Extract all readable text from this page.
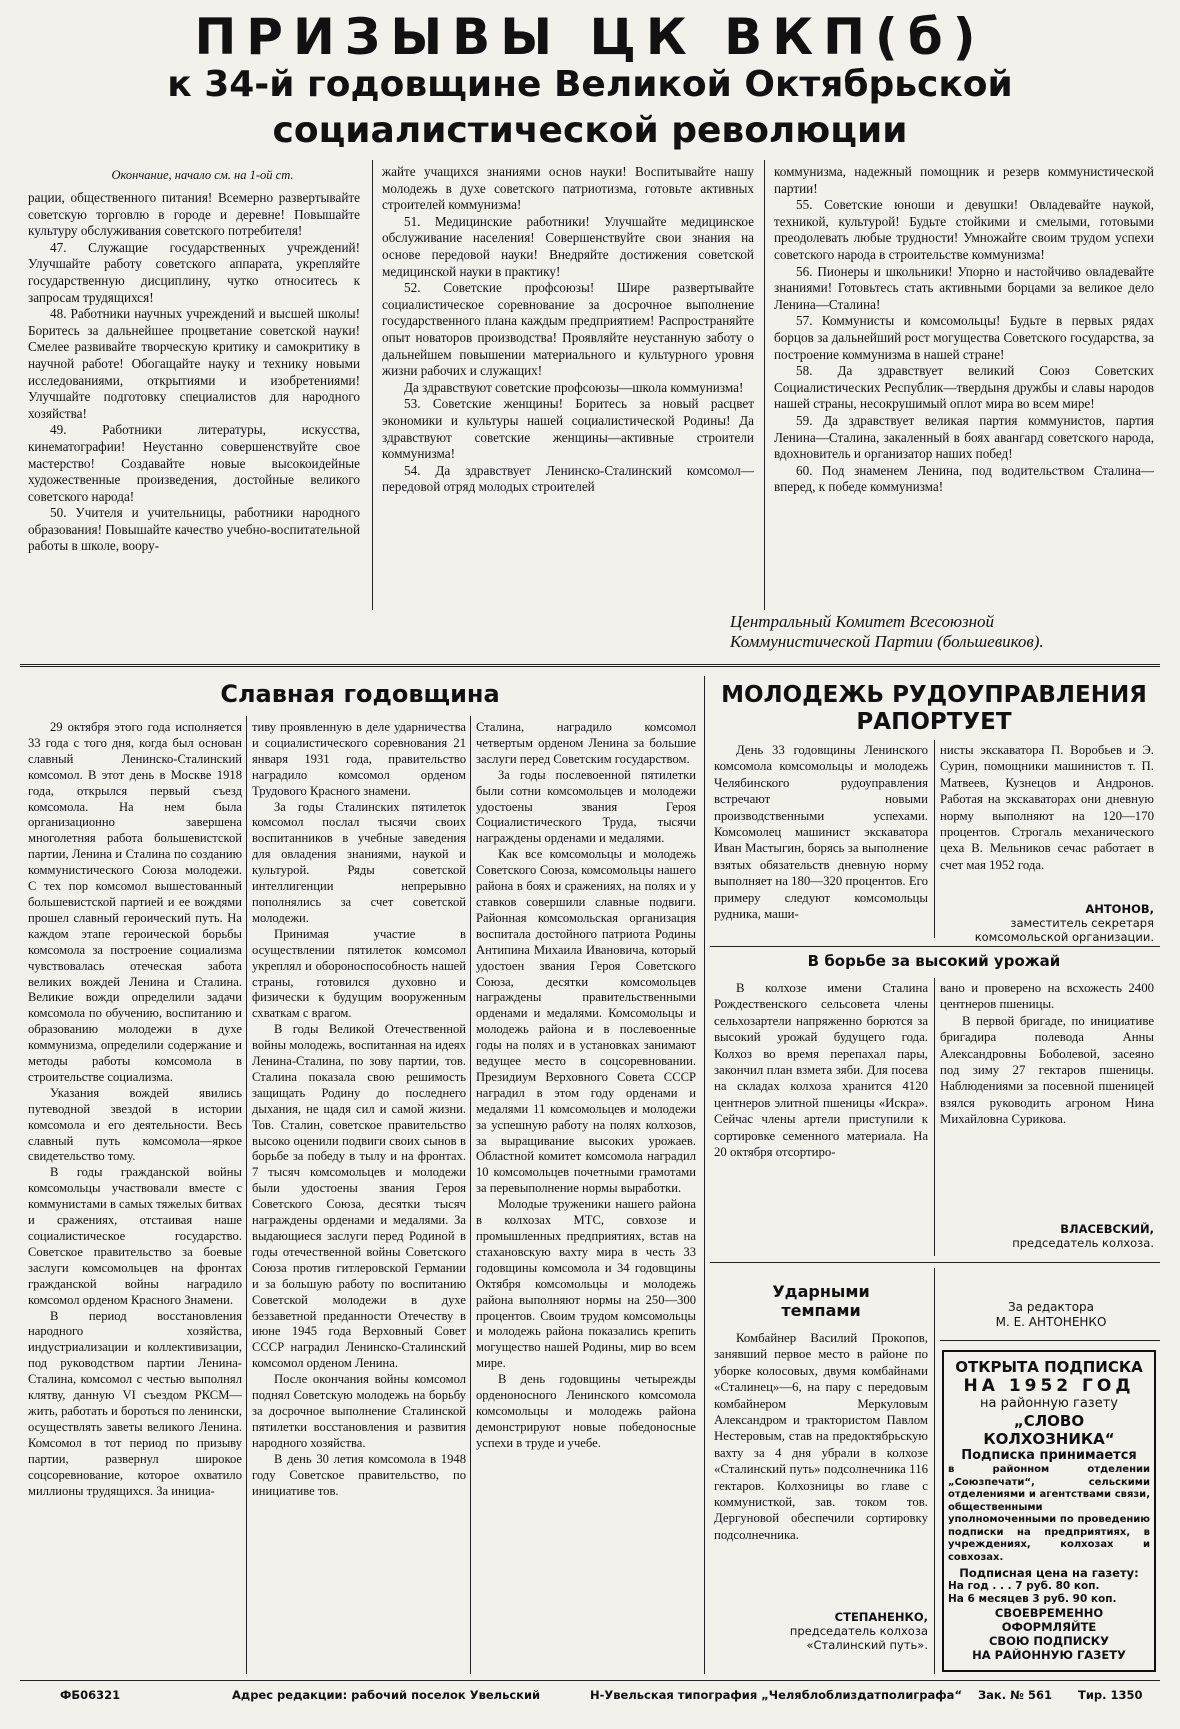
ПРИЗЫВЫ ЦК ВКП(б)
к 34-й годовщине Великой Октябрьской
социалистической революции
Окончание, начало см. на 1-ой ст.

рации, общественного питания! Всемерно развертывайте советскую торговлю в городе и деревне! Повышайте культуру обслуживания советского потребителя!

47. Служащие государственных учреждений! Улучшайте работу советского аппарата, укрепляйте государственную дисциплину, чутко относитесь к запросам трудящихся!

48. Работники научных учреждений и высшей школы! Боритесь за дальнейшее процветание советской науки! Смелее развивайте творческую критику и самокритику в научной работе! Обогащайте науку и технику новыми исследованиями, открытиями и изобретениями! Улучшайте подготовку специалистов для народного хозяйства!

49. Работники литературы, искусства, кинематографии! Неустанно совершенствуйте свое мастерство! Создавайте новые высокоидейные художественные произведения, достойные великого советского народа!

50. Учителя и учительницы, работники народного образования! Повышайте качество учебно-воспитательной работы в школе, воору-

жайте учащихся знаниями основ науки! Воспитывайте нашу молодежь в духе советского патриотизма, готовьте активных строителей коммунизма!

51. Медицинские работники! Улучшайте медицинское обслуживание населения! Совершенствуйте свои знания на основе передовой науки! Внедряйте достижения советской медицинской науки в практику!

52. Советские профсоюзы! Шире развертывайте социалистическое соревнование за досрочное выполнение государственного плана каждым предприятием! Распространяйте опыт новаторов производства! Проявляйте неустанную заботу о дальнейшем повышении материального и культурного уровня жизни рабочих и служащих!

Да здравствуют советские профсоюзы—школа коммунизма!

53. Советские женщины! Боритесь за новый расцвет экономики и культуры нашей социалистической Родины! Да здравствуют советские женщины—активные строители коммунизма!

54. Да здравствует Ленинско-Сталинский комсомол—передовой отряд молодых строителей

коммунизма, надежный помощник и резерв коммунистической партии!

55. Советские юноши и девушки! Овладевайте наукой, техникой, культурой! Будьте стойкими и смелыми, готовыми преодолевать любые трудности! Умножайте своим трудом успехи советского народа в строительстве коммунизма!

56. Пионеры и школьники! Упорно и настойчиво овладевайте знаниями! Готовьтесь стать активными борцами за великое дело Ленина—Сталина!

57. Коммунисты и комсомольцы! Будьте в первых рядах борцов за дальнейший рост могущества Советского государства, за построение коммунизма в нашей стране!

58. Да здравствует великий Союз Советских Социалистических Республик—твердыня дружбы и славы народов нашей страны, несокрушимый оплот мира во всем мире!

59. Да здравствует великая партия коммунистов, партия Ленина—Сталина, закаленный в боях авангард советского народа, вдохновитель и организатор наших побед!

60. Под знаменем Ленина, под водительством Сталина—вперед, к победе коммунизма!

Центральный Комитет Всесоюзной
Коммунистической Партии (большевиков).
Славная годовщина

29 октября этого года исполняется 33 года с того дня, когда был основан славный Ленинско-Сталинский комсомол. В этот день в Москве 1918 года, открылся первый съезд комсомола. На нем была организационно завершена многолетняя работа большевистской партии, Ленина и Сталина по созданию коммунистического Союза молодежи. С тех пор комсомол вышестованный большевистской партией и ее вождями прошел славный героический путь. На каждом этапе героической борьбы комсомола за построение социализма чувствовалась отеческая забота великих вождей Ленина и Сталина. Великие вожди определили задачи комсомола по обучению, воспитанию и образованию молодежи в духе коммунизма, определили содержание и методы работы комсомола в строительстве социализма.

Указания вождей явились путеводной звездой в истории комсомола и его деятельности. Весь славный путь комсомола—яркое свидетельство тому.

В годы гражданской войны комсомольцы участвовали вместе с коммунистами в самых тяжелых битвах и сражениях, отстаивая наше социалистическое государство. Советское правительство за боевые заслуги комсомольцев на фронтах гражданской войны наградило комсомол орденом Красного Знамени.

В период восстановления народного хозяйства, индустриализации и коллективизации, под руководством партии Ленина-Сталина, комсомол с честью выполнял клятву, данную VI съездом РКСМ—жить, работать и бороться по ленински, осуществлять заветы великого Ленина. Комсомол в тот период по призыву партии, развернул широкое соцсоревнование, которое охватило миллионы трудящихся. За инициа-

тиву проявленную в деле ударничества и социалистического соревнования 21 января 1931 года, правительство наградило комсомол орденом Трудового Красного знамени.

За годы Сталинских пятилеток комсомол послал тысячи своих воспитанников в учебные заведения для овладения знаниями, наукой и культурой. Ряды советской интеллигенции непрерывно пополнялись за счет советской молодежи.

Принимая участие в осуществлении пятилеток комсомол укреплял и обороноспособность нашей страны, готовился духовно и физически к будущим вооруженным схваткам с врагом.

В годы Великой Отечественной войны молодежь, воспитанная на идеях Ленина-Сталина, по зову партии, тов. Сталина показала свою решимость защищать Родину до последнего дыхания, не щадя сил и самой жизни. Тов. Сталин, советское правительство высоко оценили подвиги своих сынов в борьбе за победу в тылу и на фронтах. 7 тысяч комсомольцев и молодежи были удостоены звания Героя Советского Союза, десятки тысяч награждены орденами и медалями. За выдающиеся заслуги перед Родиной в годы отечественной войны Советского Союза против гитлеровской Германии и за большую работу по воспитанию Советской молодежи в духе беззаветной преданности Отечеству в июне 1945 года Верховный Совет СССР наградил Ленинско-Сталинский комсомол орденом Ленина.

После окончания войны комсомол поднял Советскую молодежь на борьбу за досрочное выполнение Сталинской пятилетки восстановления и развития народного хозяйства.

В день 30 летия комсомола в 1948 году Советское правительство, по инициативе тов.

Сталина, наградило комсомол четвертым орденом Ленина за большие заслуги перед Советским государством.

За годы послевоенной пятилетки были сотни комсомольцев и молодежи удостоены звания Героя Социалистического Труда, тысячи награждены орденами и медалями.

Как все комсомольцы и молодежь Советского Союза, комсомольцы нашего района в боях и сражениях, на полях и у ставков совершили славные подвиги. Районная комсомольская организация воспитала достойного патриота Родины Антипина Михаила Ивановича, который удостоен звания Героя Советского Союза, десятки комсомольцев награждены правительственными орденами и медалями. Комсомольцы и молодежь района и в послевоенные годы на полях и в установках занимают ведущее место в соцсоревновании. Президиум Верховного Совета СССР наградил в этом году орденами и медалями 11 комсомольцев и молодежи за успешную работу на полях колхозов, за выращивание высоких урожаев. Областной комитет комсомола наградил 10 комсомольцев почетными грамотами за перевыполнение нормы выработки.

Молодые труженики нашего района в колхозах МТС, совхозе и промышленных предприятиях, встав на стахановскую вахту мира в честь 33 годовщины комсомола и 34 годовщины Октября комсомольцы и молодежь района выполняют нормы на 250—300 процентов. Своим трудом комсомольцы и молодежь района показались крепить могущество нашей Родины, мир во всем мире.

В день годовщины четырежды орденоносного Ленинского комсомола комсомольцы и молодежь района демонстрируют новые победоносные успехи в труде и учебе.

МОЛОДЕЖЬ РУДОУПРАВЛЕНИЯ
РАПОРТУЕТ

День 33 годовщины Ленинского комсомола комсомольцы и молодежь Челябинского рудоуправления встречают новыми производственными успехами. Комсомолец машинист экскаватора Иван Мастыгин, борясь за выполнение взятых обязательств дневную норму выполняет на 180—320 процентов. Его примеру следуют комсомольцы рудника, маши-

нисты экскаватора П. Воробьев и Э. Сурин, помощники машинистов т. П. Матвеев, Кузнецов и Андронов. Работая на экскаваторах они дневную норму выполняют на 120—170 процентов. Строгаль механического цеха В. Мельников сечас работает в счет мая 1952 года.

АНТОНОВ,
заместитель секретаря
комсомольской организации.
В борьбе за высокий урожай

В колхозе имени Сталина Рождественского сельсовета члены сельхозартели напряженно борются за высокий урожай будущего года. Колхоз во время перепахал пары, закончил план взмета зяби. Для посева на складах колхоза хранится 4120 центнеров элитной пшеницы «Искра». Сейчас члены артели приступили к сортировке семенного материала. На 20 октября отсортиро-

вано и проверено на всхожесть 2400 центнеров пшеницы.

В первой бригаде, по инициативе бригадира полевода Анны Александровны Боболевой, засеяно под зиму 27 гектаров пшеницы. Наблюдениями за посевной пшеницей взялся руководить агроном Нина Михайловна Сурикова.

ВЛАСЕВСКИЙ,
председатель колхоза.
Ударными
темпами

Комбайнер Василий Прокопов, занявший первое место в районе по уборке колосовых, двумя комбайнами «Сталинец»—6, на пару с передовым комбайнером Меркуловым Александром и трактористом Павлом Нестеровым, став на предоктябрьскую вахту за 4 дня убрали в колхозе «Сталинский путь» подсолнечника 116 гектаров. Колхозницы во главе с коммунисткой, зав. током тов. Дергуновой обеспечили сортировку подсолнечника.

СТЕПАНЕНКО,
председатель колхоза
«Сталинский путь».
За редактора
М. Е. АНТОНЕНКО
ОТКРЫТА ПОДПИСКА
НА 1952 ГОД
на районную газету
„СЛОВО КОЛХОЗНИКА“
Подписка принимается
в районном отделении „Союзпечати“, сельскими отделениями и агентствами связи, общественными уполномоченными по проведению подписки на предприятиях, в учреждениях, колхозах и совхозах.
Подписная цена на газету:
На год . . . 7 руб. 80 коп.
На 6 месяцев 3 руб. 90 коп.
СВОЕВРЕМЕННО ОФОРМЛЯЙТЕ
СВОЮ ПОДПИСКУ
НА РАЙОННУЮ ГАЗЕТУ
ФБ06321	Адрес редакции: рабочий поселок Увельский	Н-Увельская типография „Челяблоблиздатполиграфа“ Зак. № 561 Тир. 1350
